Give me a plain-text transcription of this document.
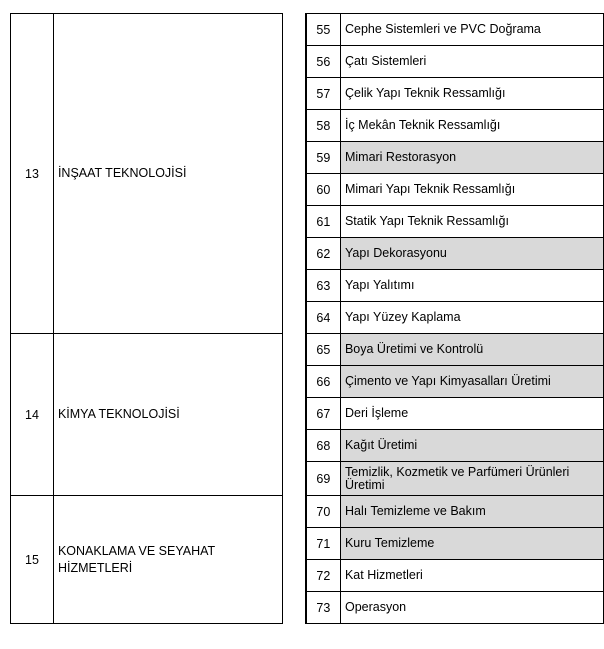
13	İNŞAAT TEKNOLOJİSİ		55	Cephe Sistemleri ve PVC Doğrama
			56	Çatı Sistemleri
			57	Çelik Yapı Teknik Ressamlığı
			58	İç Mekân Teknik Ressamlığı
			59	Mimari Restorasyon
			60	Mimari Yapı Teknik Ressamlığı
			61	Statik Yapı Teknik Ressamlığı
			62	Yapı Dekorasyonu
			63	Yapı Yalıtımı
			64	Yapı Yüzey Kaplama
14	KİMYA TEKNOLOJİSİ		65	Boya Üretimi ve Kontrolü
			66	Çimento ve Yapı Kimyasalları Üretimi
			67	Deri İşleme
			68	Kağıt Üretimi
			69	Temizlik, Kozmetik ve Parfümeri Ürünleri Üretimi
15	KONAKLAMA VE SEYAHAT HİZMETLERİ		70	Halı Temizleme ve Bakım
			71	Kuru Temizleme
			72	Kat Hizmetleri
			73	Operasyon
